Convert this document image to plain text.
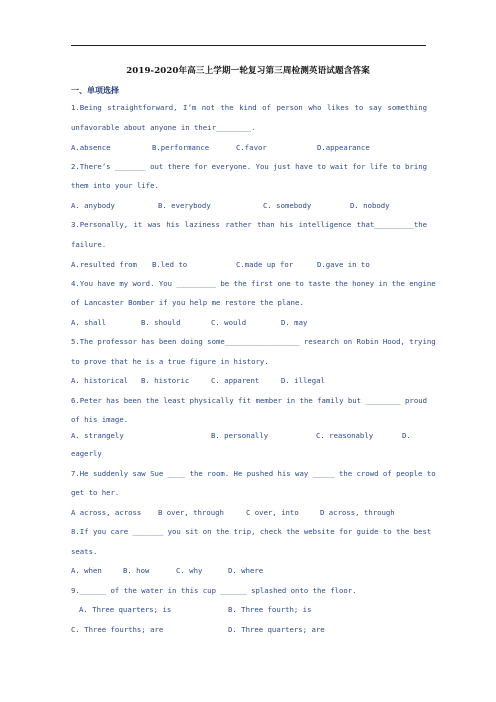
2019-2020年高三上学期一轮复习第三周检测英语试题含答案
一、单项选择
1.Being straightforward, I’m not the kind of person who likes to say something
unfavorable about anyone in their________.
A.absence	B.performance	C.favor	D.appearance
2.There’s _______ out there for everyone. You just have to wait for life to bring
them into your life.
A. anybody	B. everybody	C. somebody	D. nobody
3.Personally, it was his laziness rather than his intelligence that_________the
failure.
A.resulted from B.led to	C.made up for	D.gave in to
4.You have my word. You _________ be the first one to taste the honey in the engine
of Lancaster Bomber if you help me restore the plane.
A. shall	B. should	C. would	D. may
5.The professor has been doing some_________________ research on Robin Hood, trying
to prove that he is a true figure in history.
A. historical B. historic	C. apparent	D. illegal
6.Peter has been the least physically fit member in the family but ________ proud
of his image.
A. strangely	B. personally	C. reasonably	D.
eagerly
7.He suddenly saw Sue ____ the room. He pushed his way _____ the crowd of people to
get to her.
A across, across B over, through	C over, into	D across, through
8.If you care _______ you sit on the trip, check the website for guide to the best
seats.
A. when	B. how	C. why	D. where
9.______ of the water in this cup ______ splashed onto the floor.
A. Three quarters; is	B. Three fourth; is
C. Three fourths; are	D. Three quarters; are
